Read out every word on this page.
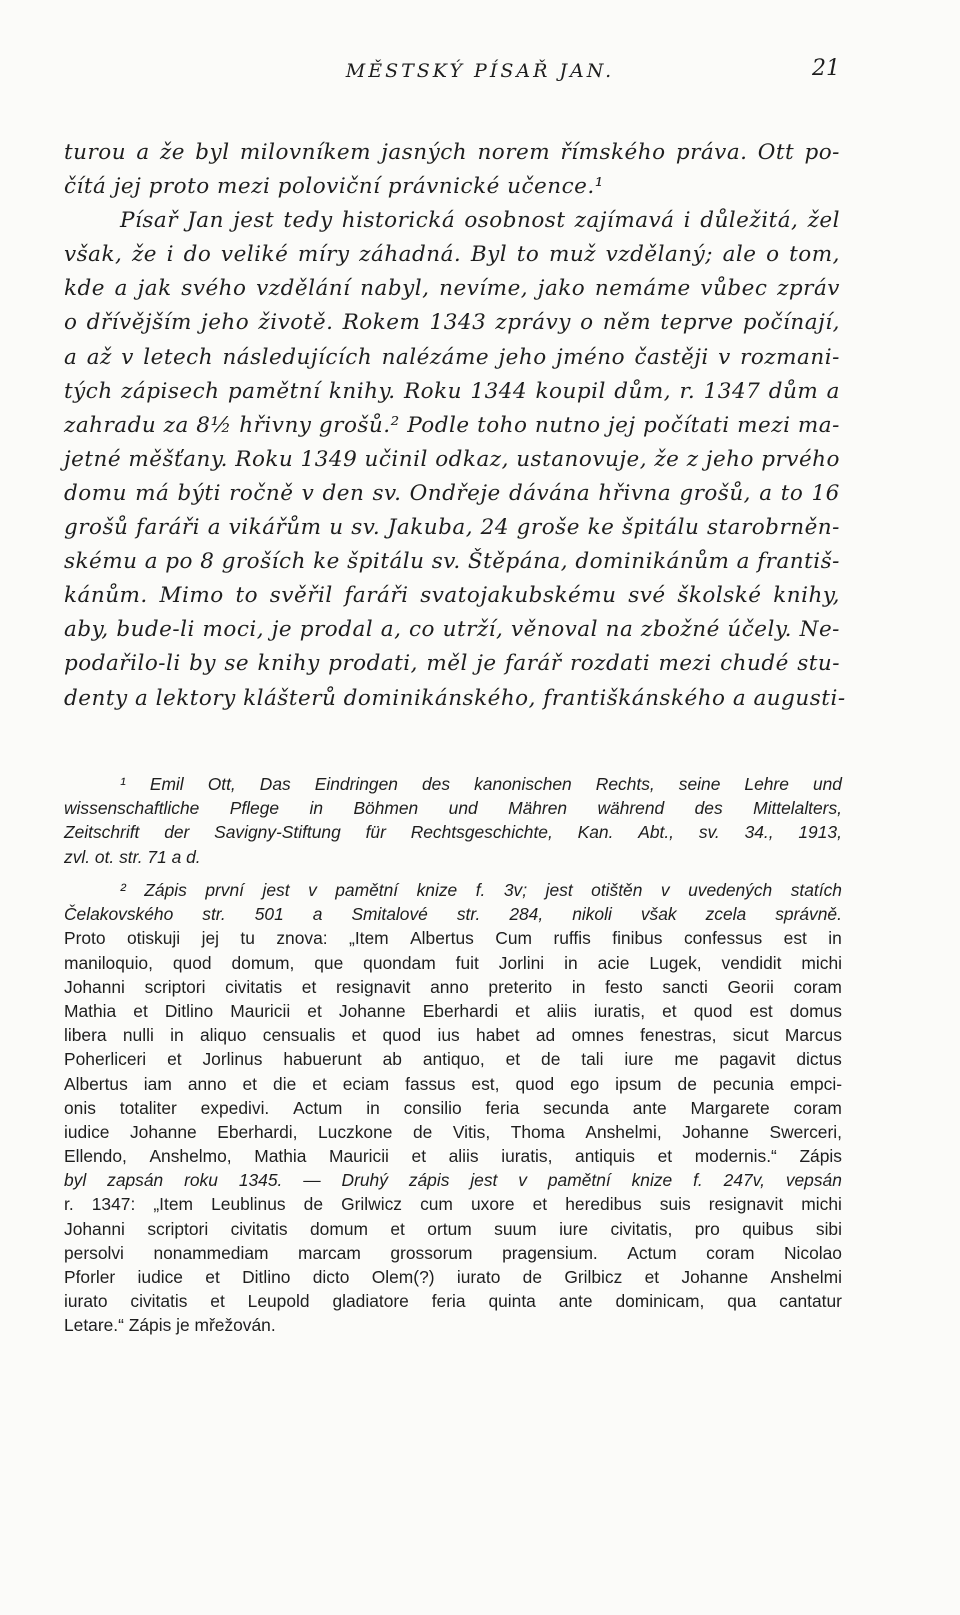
MĚSTSKÝ PÍSAŘ JAN.	21
turou a že byl milovníkem jasných norem římského práva. Ott po-
čítá jej proto mezi poloviční právnické učence.¹
Písař Jan jest tedy historická osobnost zajímavá i důležitá, žel
však, že i do veliké míry záhadná. Byl to muž vzdělaný; ale o tom,
kde a jak svého vzdělání nabyl, nevíme, jako nemáme vůbec zpráv
o dřívějším jeho životě. Rokem 1343 zprávy o něm teprve počínají,
a až v letech následujících nalézáme jeho jméno častěji v rozmani-
tých zápisech pamětní knihy. Roku 1344 koupil dům, r. 1347 dům a
zahradu za 8½ hřivny grošů.² Podle toho nutno jej počítati mezi ma-
jetné měšťany. Roku 1349 učinil odkaz, ustanovuje, že z jeho prvého
domu má býti ročně v den sv. Ondřeje dávána hřivna grošů, a to 16
grošů faráři a vikářům u sv. Jakuba, 24 groše ke špitálu starobrněn-
skému a po 8 groších ke špitálu sv. Štěpána, dominikánům a františ-
kánům. Mimo to svěřil faráři svatojakubskému své školské knihy,
aby, bude-li moci, je prodal a, co utrží, věnoval na zbožné účely. Ne-
podařilo-li by se knihy prodati, měl je farář rozdati mezi chudé stu-
denty a lektory klášterů dominikánského, františkánského a augusti-
¹ Emil Ott, Das Eindringen des kanonischen Rechts, seine Lehre und
wissenschaftliche Pflege in Böhmen und Mähren während des Mittelalters,
Zeitschrift der Savigny-Stiftung für Rechtsgeschichte, Kan. Abt., sv. 34., 1913,
zvl. ot. str. 71 a d.
² Zápis první jest v pamětní knize f. 3v; jest otištěn v uvedených statích
Čelakovského str. 501 a Smitalové str. 284, nikoli však zcela správně.
Proto otiskuji jej tu znova: „Item Albertus Cum ruffis finibus confessus est in
maniloquio, quod domum, que quondam fuit Jorlini in acie Lugek, vendidit michi
Johanni scriptori civitatis et resignavit anno preterito in festo sancti Georii coram
Mathia et Ditlino Mauricii et Johanne Eberhardi et aliis iuratis, et quod est domus
libera nulli in aliquo censualis et quod ius habet ad omnes fenestras, sicut Marcus
Poherliceri et Jorlinus habuerunt ab antiquo, et de tali iure me pagavit dictus
Albertus iam anno et die et eciam fassus est, quod ego ipsum de pecunia empci-
onis totaliter expedivi. Actum in consilio feria secunda ante Margarete coram
iudice Johanne Eberhardi, Luczkone de Vitis, Thoma Anshelmi, Johanne Swerceri,
Ellendo, Anshelmo, Mathia Mauricii et aliis iuratis, antiquis et modernis.“ Zápis
byl zapsán roku 1345. — Druhý zápis jest v pamětní knize f. 247v, vepsán
r. 1347: „Item Leublinus de Grilwicz cum uxore et heredibus suis resignavit michi
Johanni scriptori civitatis domum et ortum suum iure civitatis, pro quibus sibi
persolvi nonammediam marcam grossorum pragensium. Actum coram Nicolao
Pforler iudice et Ditlino dicto Olem(?) iurato de Grilbicz et Johanne Anshelmi
iurato civitatis et Leupold gladiatore feria quinta ante dominicam, qua cantatur
Letare.“ Zápis je mřežován.
